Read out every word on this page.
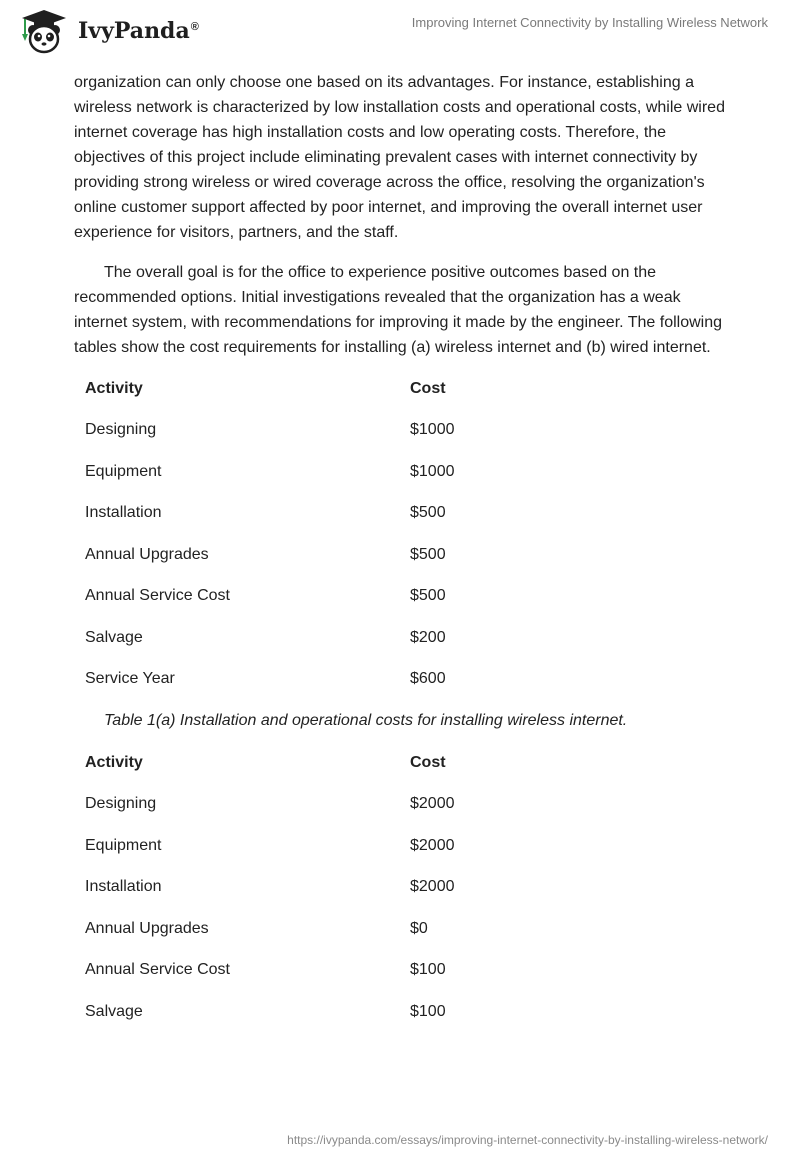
IvyPanda®	Improving Internet Connectivity by Installing Wireless Network

organization can only choose one based on its advantages. For instance, establishing a wireless network is characterized by low installation costs and operational costs, while wired internet coverage has high installation costs and low operating costs. Therefore, the objectives of this project include eliminating prevalent cases with internet connectivity by providing strong wireless or wired coverage across the office, resolving the organization's online customer support affected by poor internet, and improving the overall internet user experience for visitors, partners, and the staff.

The overall goal is for the office to experience positive outcomes based on the recommended options. Initial investigations revealed that the organization has a weak internet system, with recommendations for improving it made by the engineer. The following tables show the cost requirements for installing (a) wireless internet and (b) wired internet.

Activity	Cost
Designing	$1000
Equipment	$1000
Installation	$500
Annual Upgrades	$500
Annual Service Cost	$500
Salvage	$200
Service Year	$600

Table 1(a) Installation and operational costs for installing wireless internet.

Activity	Cost
Designing	$2000
Equipment	$2000
Installation	$2000
Annual Upgrades	$0
Annual Service Cost	$100
Salvage	$100
https://ivypanda.com/essays/improving-internet-connectivity-by-installing-wireless-network/
